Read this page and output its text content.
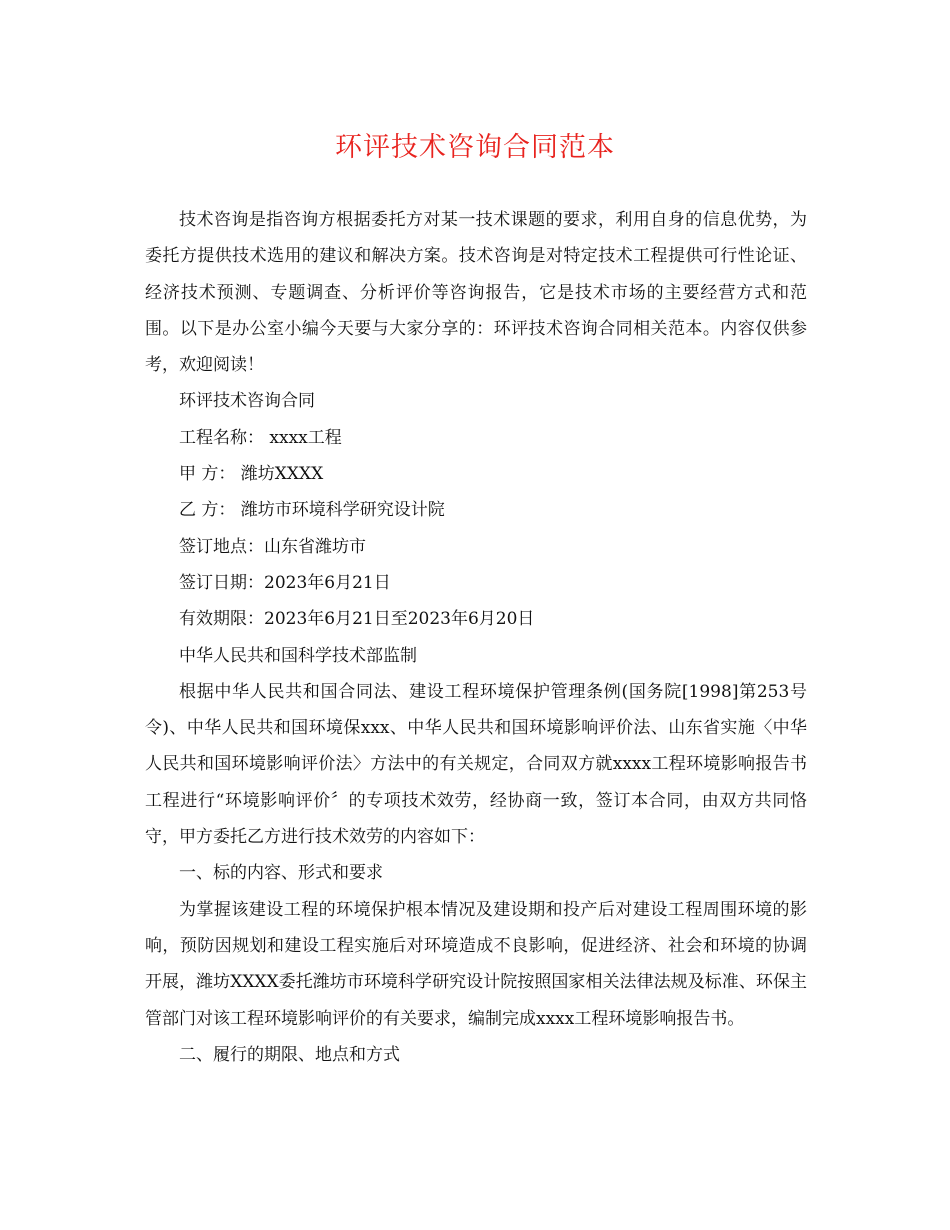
环评技术咨询合同范本

技术咨询是指咨询方根据委托方对某一技术课题的要求，利用自身的信息优势，为委托方提供技术选用的建议和解决方案。技术咨询是对特定技术工程提供可行性论证、经济技术预测、专题调查、分析评价等咨询报告，它是技术市场的主要经营方式和范围。以下是办公室小编今天要与大家分享的：环评技术咨询合同相关范本。内容仅供参考，欢迎阅读！

环评技术咨询合同

工程名称： xxxx工程

甲 方： 潍坊XXXX

乙 方： 潍坊市环境科学研究设计院

签订地点：山东省潍坊市

签订日期：2023年6月21日

有效期限：2023年6月21日至2023年6月20日

中华人民共和国科学技术部监制

根据中华人民共和国合同法、建设工程环境保护管理条例(国务院[1998]第253号令)、中华人民共和国环境保xxx、中华人民共和国环境影响评价法、山东省实施〈中华人民共和国环境影响评价法〉方法中的有关规定，合同双方就xxxx工程环境影响报告书工程进行“环境影响评价〞的专项技术效劳，经协商一致，签订本合同，由双方共同恪守，甲方委托乙方进行技术效劳的内容如下：

一、标的内容、形式和要求

为掌握该建设工程的环境保护根本情况及建设期和投产后对建设工程周围环境的影响，预防因规划和建设工程实施后对环境造成不良影响，促进经济、社会和环境的协调开展，潍坊XXXX委托潍坊市环境科学研究设计院按照国家相关法律法规及标准、环保主管部门对该工程环境影响评价的有关要求，编制完成xxxx工程环境影响报告书。

二、履行的期限、地点和方式
